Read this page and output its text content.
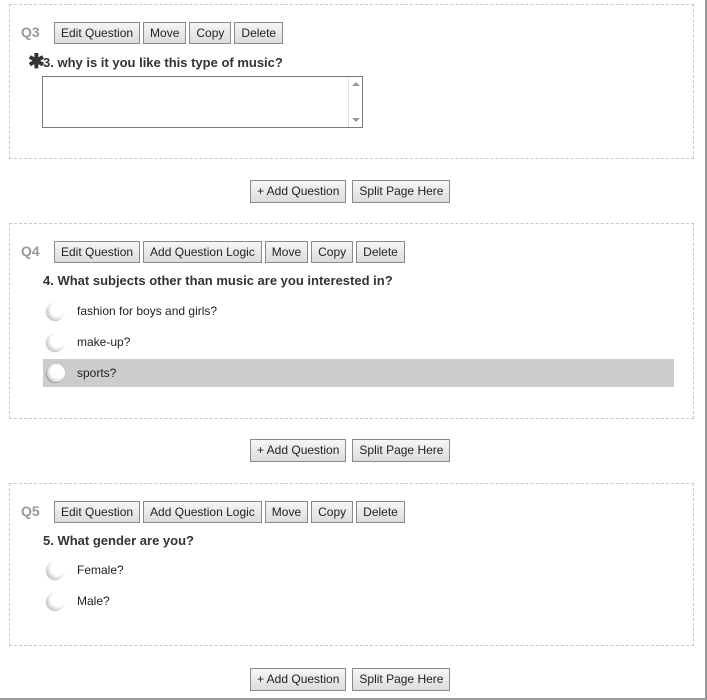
Q3	Edit Question	Move	Copy	Delete
✱
3. why is it you like this type of music?
+ Add Question	Split Page Here
Q4	Edit Question	Add Question Logic	Move	Copy	Delete
4. What subjects other than music are you interested in?
fashion for boys and girls?
make-up?
sports?
+ Add Question	Split Page Here
Q5	Edit Question	Add Question Logic	Move	Copy	Delete
5. What gender are you?
Female?
Male?
+ Add Question	Split Page Here
